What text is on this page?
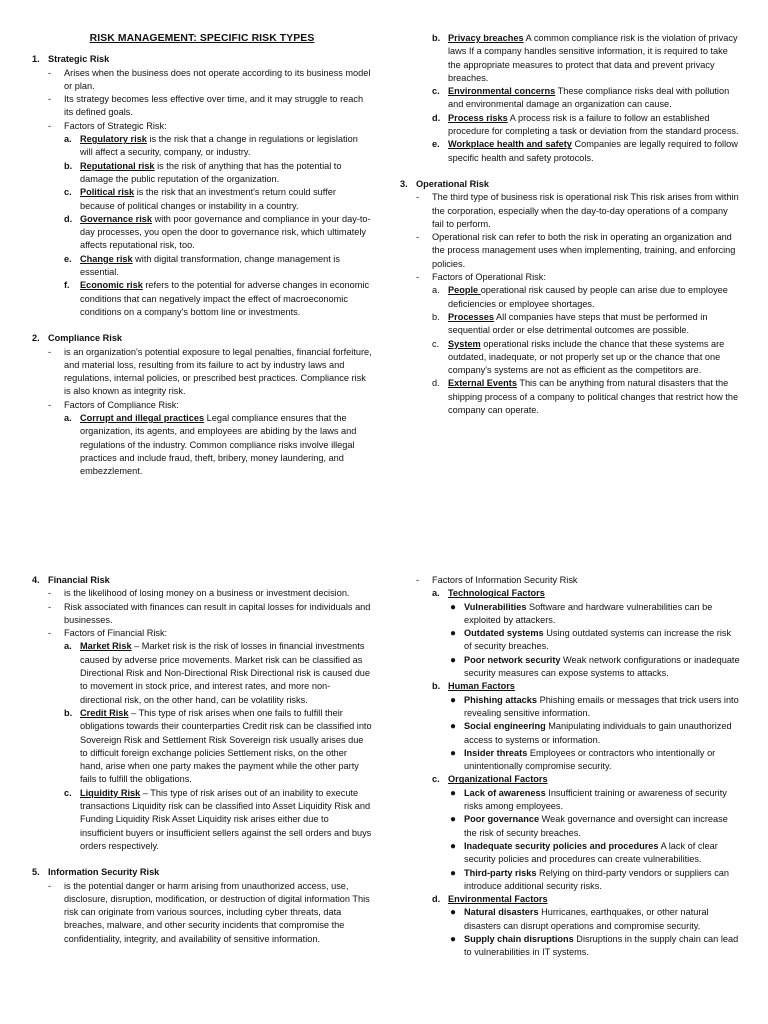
RISK MANAGEMENT: SPECIFIC RISK TYPES
1. Strategic Risk
- Arises when the business does not operate according to its business model or plan.
- Its strategy becomes less effective over time, and it may struggle to reach its defined goals.
- Factors of Strategic Risk:
a. Regulatory risk is the risk that a change in regulations or legislation will affect a security, company, or industry.
b. Reputational risk is the risk of anything that has the potential to damage the public reputation of the organization.
c. Political risk is the risk that an investment's return could suffer because of political changes or instability in a country.
d. Governance risk with poor governance and compliance in your day-to-day processes, you open the door to governance risk, which ultimately affects reputational risk, too.
e. Change risk with digital transformation, change management is essential.
f. Economic risk refers to the potential for adverse changes in economic conditions that can negatively impact the effect of macroeconomic conditions on a company's bottom line or investments.
2. Compliance Risk
- is an organization's potential exposure to legal penalties, financial forfeiture, and material loss, resulting from its failure to act by industry laws and regulations, internal policies, or prescribed best practices. Compliance risk is also known as integrity risk.
- Factors of Compliance Risk:
a. Corrupt and illegal practices Legal compliance ensures that the organization, its agents, and employees are abiding by the laws and regulations of the industry. Common compliance risks involve illegal practices and include fraud, theft, bribery, money laundering, and embezzlement.
b. Privacy breaches A common compliance risk is the violation of privacy laws If a company handles sensitive information, it is required to take the appropriate measures to protect that data and prevent privacy breaches.
c. Environmental concerns These compliance risks deal with pollution and environmental damage an organization can cause.
d. Process risks A process risk is a failure to follow an established procedure for completing a task or deviation from the standard process.
e. Workplace health and safety Companies are legally required to follow specific health and safety protocols.
3. Operational Risk
- The third type of business risk is operational risk This risk arises from within the corporation, especially when the day-to-day operations of a company fail to perform.
- Operational risk can refer to both the risk in operating an organization and the process management uses when implementing, training, and enforcing policies.
- Factors of Operational Risk:
a. People operational risk caused by people can arise due to employee deficiencies or employee shortages.
b. Processes All companies have steps that must be performed in sequential order or else detrimental outcomes are possible.
c. System operational risks include the chance that these systems are outdated, inadequate, or not properly set up or the chance that one company's systems are not as efficient as the competitors are.
d. External Events This can be anything from natural disasters that the shipping process of a company to political changes that restrict how the company can operate.
4. Financial Risk
- is the likelihood of losing money on a business or investment decision.
- Risk associated with finances can result in capital losses for individuals and businesses.
- Factors of Financial Risk:
a. Market Risk – Market risk is the risk of losses in financial investments caused by adverse price movements. Market risk can be classified as Directional Risk and Non-Directional Risk Directional risk is caused due to movement in stock price, and interest rates, and more non-directional risk, on the other hand, can be volatility risks.
b. Credit Risk – This type of risk arises when one fails to fulfill their obligations towards their counterparties Credit risk can be classified into Sovereign Risk and Settlement Risk Sovereign risk usually arises due to difficult foreign exchange policies Settlement risks, on the other hand, arise when one party makes the payment while the other party fails to fulfill the obligations.
c. Liquidity Risk – This type of risk arises out of an inability to execute transactions Liquidity risk can be classified into Asset Liquidity Risk and Funding Liquidity Risk Asset Liquidity risk arises either due to insufficient buyers or insufficient sellers against the sell orders and buys orders respectively.
5. Information Security Risk
- is the potential danger or harm arising from unauthorized access, use, disclosure, disruption, modification, or destruction of digital information This risk can originate from various sources, including cyber threats, data breaches, malware, and other security incidents that compromise the confidentiality, integrity, and availability of sensitive information.
- Factors of Information Security Risk
a. Technological Factors
● Vulnerabilities Software and hardware vulnerabilities can be exploited by attackers.
● Outdated systems Using outdated systems can increase the risk of security breaches.
● Poor network security Weak network configurations or inadequate security measures can expose systems to attacks.
b. Human Factors
● Phishing attacks Phishing emails or messages that trick users into revealing sensitive information.
● Social engineering Manipulating individuals to gain unauthorized access to systems or information.
● Insider threats Employees or contractors who intentionally or unintentionally compromise security.
c. Organizational Factors
● Lack of awareness Insufficient training or awareness of security risks among employees.
● Poor governance Weak governance and oversight can increase the risk of security breaches.
● Inadequate security policies and procedures A lack of clear security policies and procedures can create vulnerabilities.
● Third-party risks Relying on third-party vendors or suppliers can introduce additional security risks.
d. Environmental Factors
● Natural disasters Hurricanes, earthquakes, or other natural disasters can disrupt operations and compromise security.
● Supply chain disruptions Disruptions in the supply chain can lead to vulnerabilities in IT systems.
